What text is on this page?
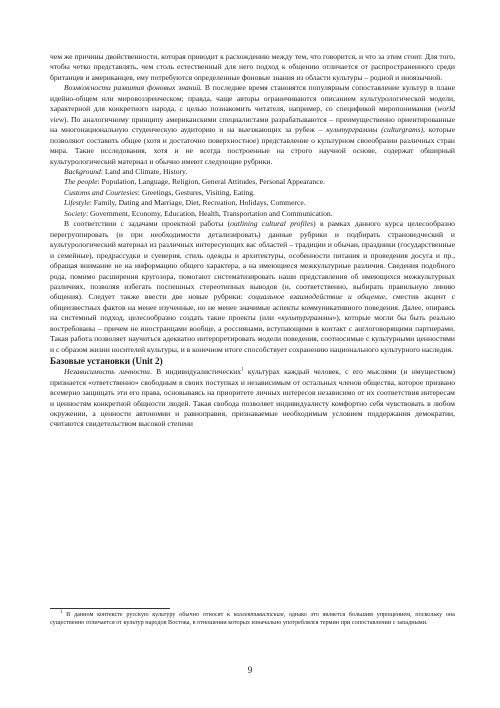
чем же причины двойственности, которая приводит к расхождению между тем, что говорится, и что за этим стоит. Для того, чтобы четко представлять, чем столь естественный для него подход к общению отличается от распространенного среди британцев и американцев, ему потребуются определенные фоновые знания из области культуры – родной и иноязычной.

Возможности развития фоновых знаний. В последнее время становятся популярным сопоставление культур в плане идейно-общем или мировоззренческом; правда, чаще авторы ограничиваются описанием культурологической модели, характерной для конкретного народа, с целью познакомить читателя, например, со спецификой миропонимания (world view). По аналогичному принципу американскими специалистами разрабатываются – преимущественно ориентированные на многонациональную студенческую аудиторию и на выезжающих за рубеж – культурграммы (culturgrams), которые позволяют составить общее (хотя и достаточно поверхностное) представление о культурном своеобразии различных стран мира. Такие исследования, хотя и не всегда построенные на строго научной основе, содержат обширный культурологический материал и обычно имеют следующие рубрики.

Background: Land and Climate, History.

The people: Population, Language, Religion, General Attitudes, Personal Appearance.

Customs and Courtesies: Greetings, Gestures, Visiting, Eating.

Lifestyle: Family, Dating and Marriage, Diet, Recreation, Holidays, Commerce.

Society: Government, Economy, Education, Health, Transportation and Communication.

В соответствии с задачами проектной работы (outlining cultural profiles) в рамках данного курса целесообразно перегруппировать (и при необходимости детализировать) данные рубрики и подбирать страноведческий и культурологический материал из различных интересующих вас областей – традиции и обычаи, праздники (государственные и семейные), предрассудки и суеверия, стиль одежды и архитектуры, особенности питания и проведения досуга и пр., обращая внимание не на информацию общего характера, а на имеющиеся межкультурные различия. Сведения подобного рода, помимо расширения кругозора, помогают систематизировать наши представления об имеющихся межкультурных различиях, позволяя избегать поспешных стереотипных выводов (и, соответственно, выбирать правильную линию общения). Следует также ввести две новые рубрики: социальное взаимодействие и общение, сместив акцент с общеизвестных фактов на менее изученные, но не менее значимые аспекты коммуникативного поведения. Далее, опираясь на системный подход, целесообразно создать такие проекты (или «культурграммы»), которые могли бы быть реально востребованы – причем не иностранцами вообще, а россиянами, вступающими в контакт с англоговорящими партнерами. Такая работа позволяет научиться адекватно интерпретировать модели поведения, соотносимые с культурными ценностями и с образом жизни носителей культуры, и в конечном итоге способствует сохранению национального культурного наследия.

Базовые установки (Unit 2)

Независимость личности. В индивидуалистических$^1$ культурах каждый человек, с его мыслями (и имуществом) признается «ответственно» свободным в своих поступках и независимым от остальных членов общества, которое призвано всемерно защищать эти его права, основываясь на приоритете личных интересов независимо от их соответствия интересам и ценностям конкретной общности людей. Такая свобода позволяет индивидуалисту комфортно себя чувствовать в любом окружении, а ценности автономии и равноправия, признаваемые необходимым условием поддержания демократии, считаются свидетельством высокой степени

$^1$ В данном контексте русскую культуру обычно относят к коллективистским, однако это является большим упрощением, поскольку она существенно отличается от культур народов Востока, в отношении которых изначально употреблялся термин при сопоставлении с западными.

9
